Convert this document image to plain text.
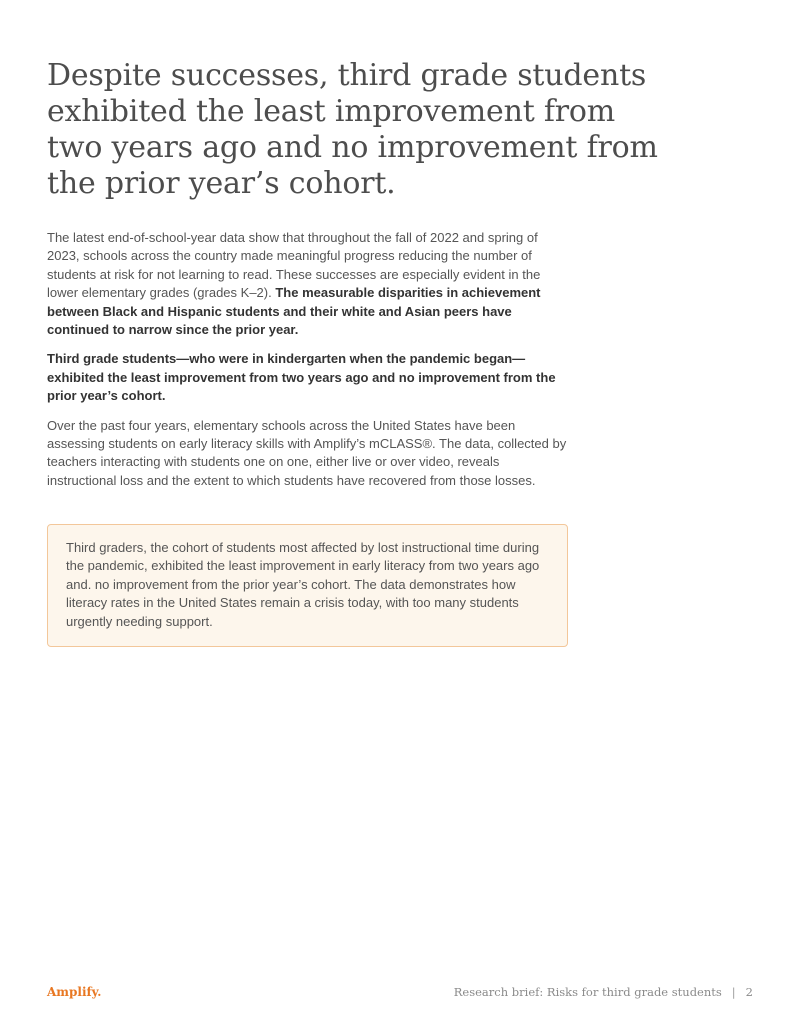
Despite successes, third grade students exhibited the least improvement from two years ago and no improvement from the prior year’s cohort.

The latest end-of-school-year data show that throughout the fall of 2022 and spring of 2023, schools across the country made meaningful progress reducing the number of students at risk for not learning to read. These successes are especially evident in the lower elementary grades (grades K–2). The measurable disparities in achievement between Black and Hispanic students and their white and Asian peers have continued to narrow since the prior year.

Third grade students—who were in kindergarten when the pandemic began—exhibited the least improvement from two years ago and no improvement from the prior year’s cohort.

Over the past four years, elementary schools across the United States have been assessing students on early literacy skills with Amplify’s mCLASS®. The data, collected by teachers interacting with students one on one, either live or over video, reveals instructional loss and the extent to which students have recovered from those losses.

Third graders, the cohort of students most affected by lost instructional time during the pandemic, exhibited the least improvement in early literacy from two years ago and. no improvement from the prior year’s cohort. The data demonstrates how literacy rates in the United States remain a crisis today, with too many students urgently needing support.

Amplify.	Research brief: Risks for third grade students | 2
